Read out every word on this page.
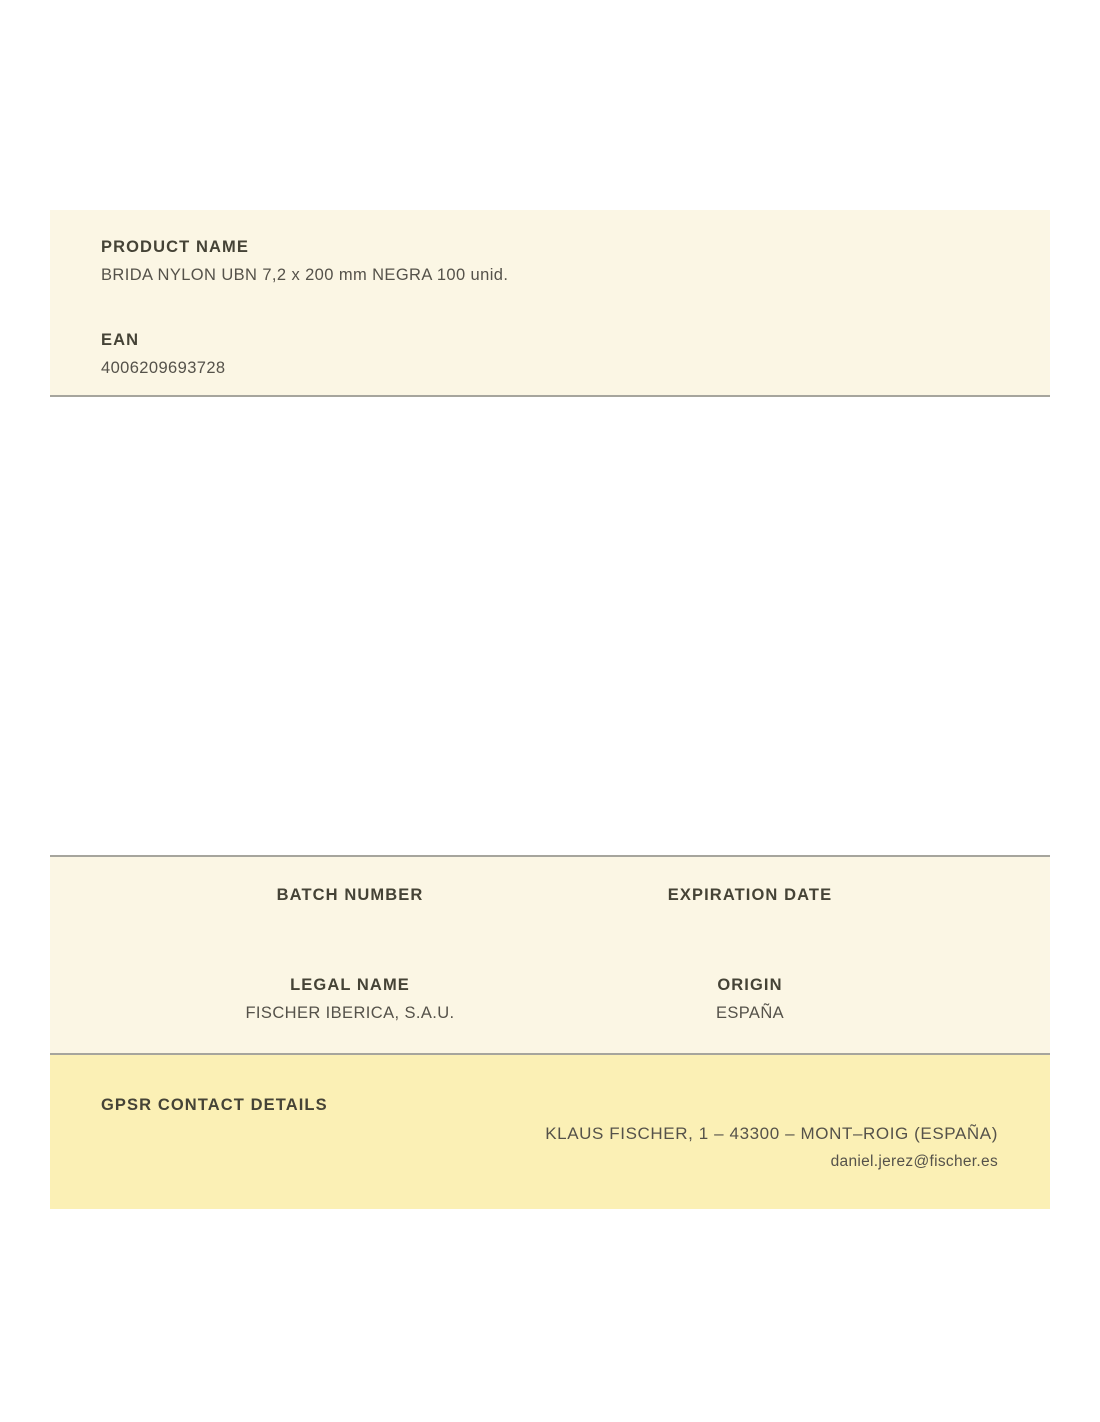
PRODUCT NAME
BRIDA NYLON UBN 7,2 x 200 mm NEGRA 100 unid.
EAN
4006209693728
BATCH NUMBER
LEGAL NAME
FISCHER IBERICA, S.A.U.
EXPIRATION DATE
ORIGIN
ESPAÑA
GPSR CONTACT DETAILS
KLAUS FISCHER, 1 – 43300 – MONT–ROIG (ESPAÑA)
daniel.jerez@fischer.es
